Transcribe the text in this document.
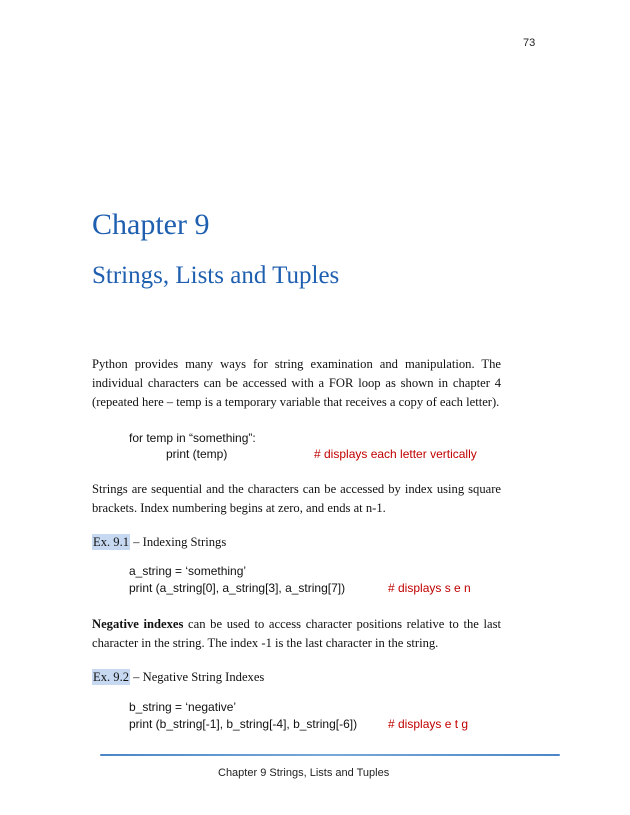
73
Chapter 9
Strings, Lists and Tuples
Python provides many ways for string examination and manipulation. The individual characters can be accessed with a FOR loop as shown in chapter 4 (repeated here – temp is a temporary variable that receives a copy of each letter).
for temp in “something”:
print (temp)	# displays each letter vertically
Strings are sequential and the characters can be accessed by index using square brackets. Index numbering begins at zero, and ends at n-1.
Ex. 9.1 – Indexing Strings
a_string = ‘something’
print (a_string[0], a_string[3], a_string[7])	# displays s e n
Negative indexes can be used to access character positions relative to the last character in the string. The index -1 is the last character in the string.
Ex. 9.2 – Negative String Indexes
b_string = ‘negative’
print (b_string[-1], b_string[-4], b_string[-6])	# displays e t g
Chapter 9 Strings, Lists and Tuples
